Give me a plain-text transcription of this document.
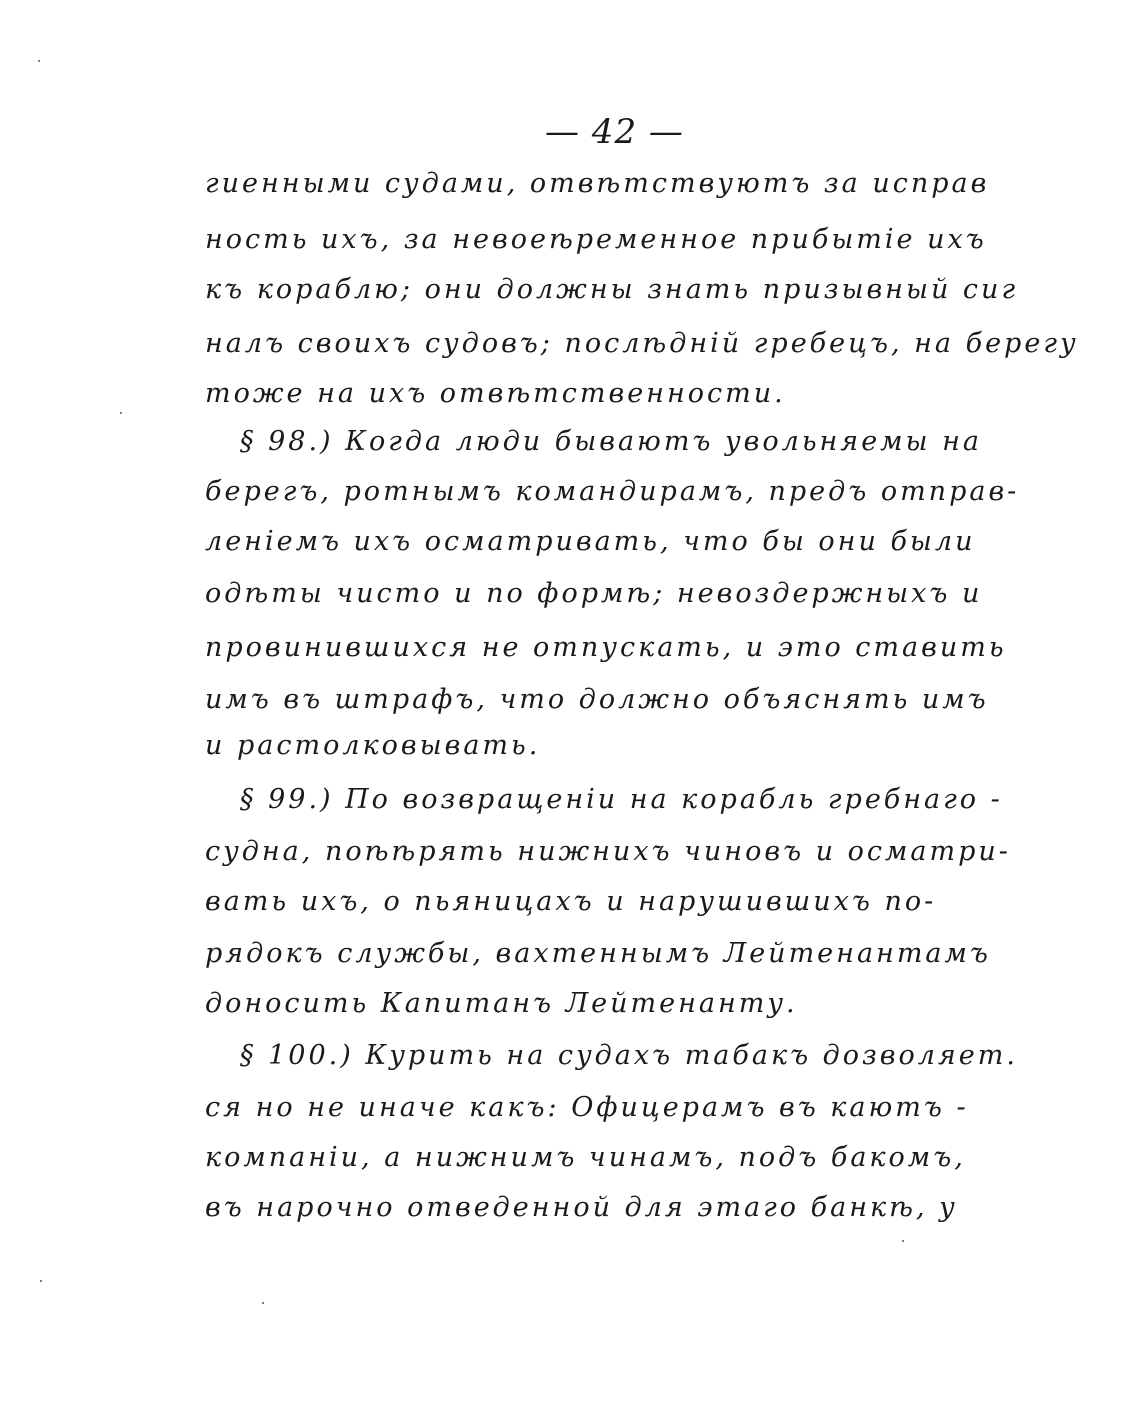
— 42 —
гиенными судами, отвѣтствуютъ за исправ
ность ихъ, за невоеѣременное прибытіе ихъ
къ кораблю; они должны знать призывный сиг
налъ своихъ судовъ; послѣдній гребецъ, на берегу
тоже на ихъ отвѣтственности.
§ 98.) Когда люди бываютъ увольняемы на
берегъ, ротнымъ командирамъ, предъ отправ-
леніемъ ихъ осматривать, что бы они были
одѣты чисто и по формѣ; невоздержныхъ и
провинившихся не отпускать, и это ставить
имъ въ штрафъ, что должно объяснять имъ
и растолковывать.
§ 99.) По возвращеніи на корабль гребнаго -
судна, поѣѣрять нижнихъ чиновъ и осматри-
вать ихъ, о пьяницахъ и нарушившихъ по-
рядокъ службы, вахтеннымъ Лейтенантамъ
доносить Капитанъ Лейтенанту.
§ 100.) Курить на судахъ табакъ дозволяет.
ся но не иначе какъ: Офицерамъ въ каютъ -
компаніи, а нижнимъ чинамъ, подъ бакомъ,
въ нарочно отведенной для этаго банкѣ, у
